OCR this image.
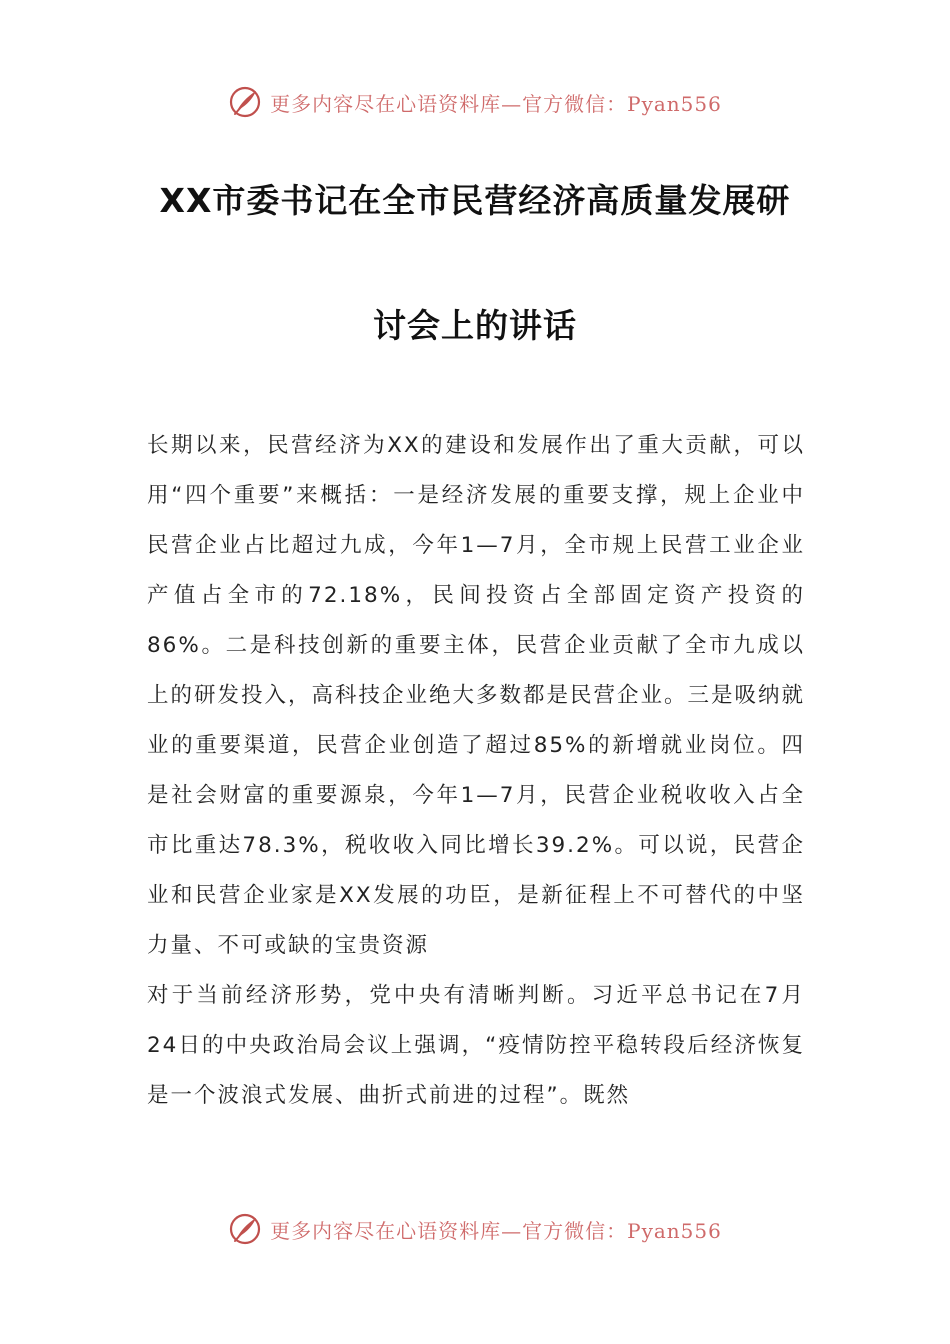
更多内容尽在心语资料库—官方微信：Pyan556
XX市委书记在全市民营经济高质量发展研
讨会上的讲话

长期以来，民营经济为XX的建设和发展作出了重大贡献，可以用“四个重要”来概括：一是经济发展的重要支撑，规上企业中民营企业占比超过九成，今年1—7月，全市规上民营工业企业产值占全市的72.18%，民间投资占全部固定资产投资的86%。二是科技创新的重要主体，民营企业贡献了全市九成以上的研发投入，高科技企业绝大多数都是民营企业。三是吸纳就业的重要渠道，民营企业创造了超过85%的新增就业岗位。四是社会财富的重要源泉，今年1—7月，民营企业税收收入占全市比重达78.3%，税收收入同比增长39.2%。可以说，民营企业和民营企业家是XX发展的功臣，是新征程上不可替代的中坚力量、不可或缺的宝贵资源

对于当前经济形势，党中央有清晰判断。习近平总书记在7月24日的中央政治局会议上强调，“疫情防控平稳转段后经济恢复是一个波浪式发展、曲折式前进的过程”。既然

更多内容尽在心语资料库—官方微信：Pyan556
